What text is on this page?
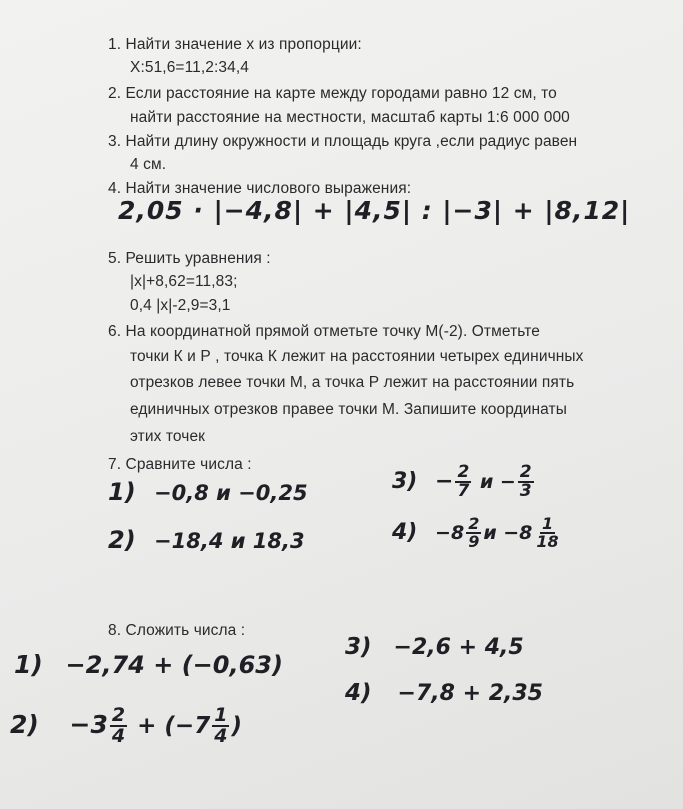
1. Найти значение х из пропорции:
Х:51,6=11,2:34,4
2. Если расстояние на карте между городами равно 12 см, то
найти расстояние на местности, масштаб карты 1:6 000 000
3. Найти длину окружности и площадь круга ,если радиус равен
4 см.
4. Найти значение числового выражения:
2,05 · |−4,8| + |4,5| : |−3| + |8,12|
5. Решить уравнения :
|x|+8,62=11,83;
0,4 |x|-2,9=3,1
6. На координатной прямой отметьте точку М(-2). Отметьте
точки К и Р , точка К лежит на расстоянии четырех единичных
отрезков левее точки М, а точка Р лежит на расстоянии пять
единичных отрезков правее точки М. Запишите координаты
этих точек
7. Сравните числа :
1) −0,8 и −0,25
2) −18,4 и 18,3
$3) - \frac{2}{7}$ $и - \frac{2}{3}$
$4) -8 \frac{2}{9}$ $и -8 \frac{1}{18}$
8. Сложить числа :
1) −2,74 + (−0,63)
$2) -3 \frac{2}{4} + (-7 \frac{1}{4}$ )
3) −2,6 + 4,5
4) −7,8 + 2,35
